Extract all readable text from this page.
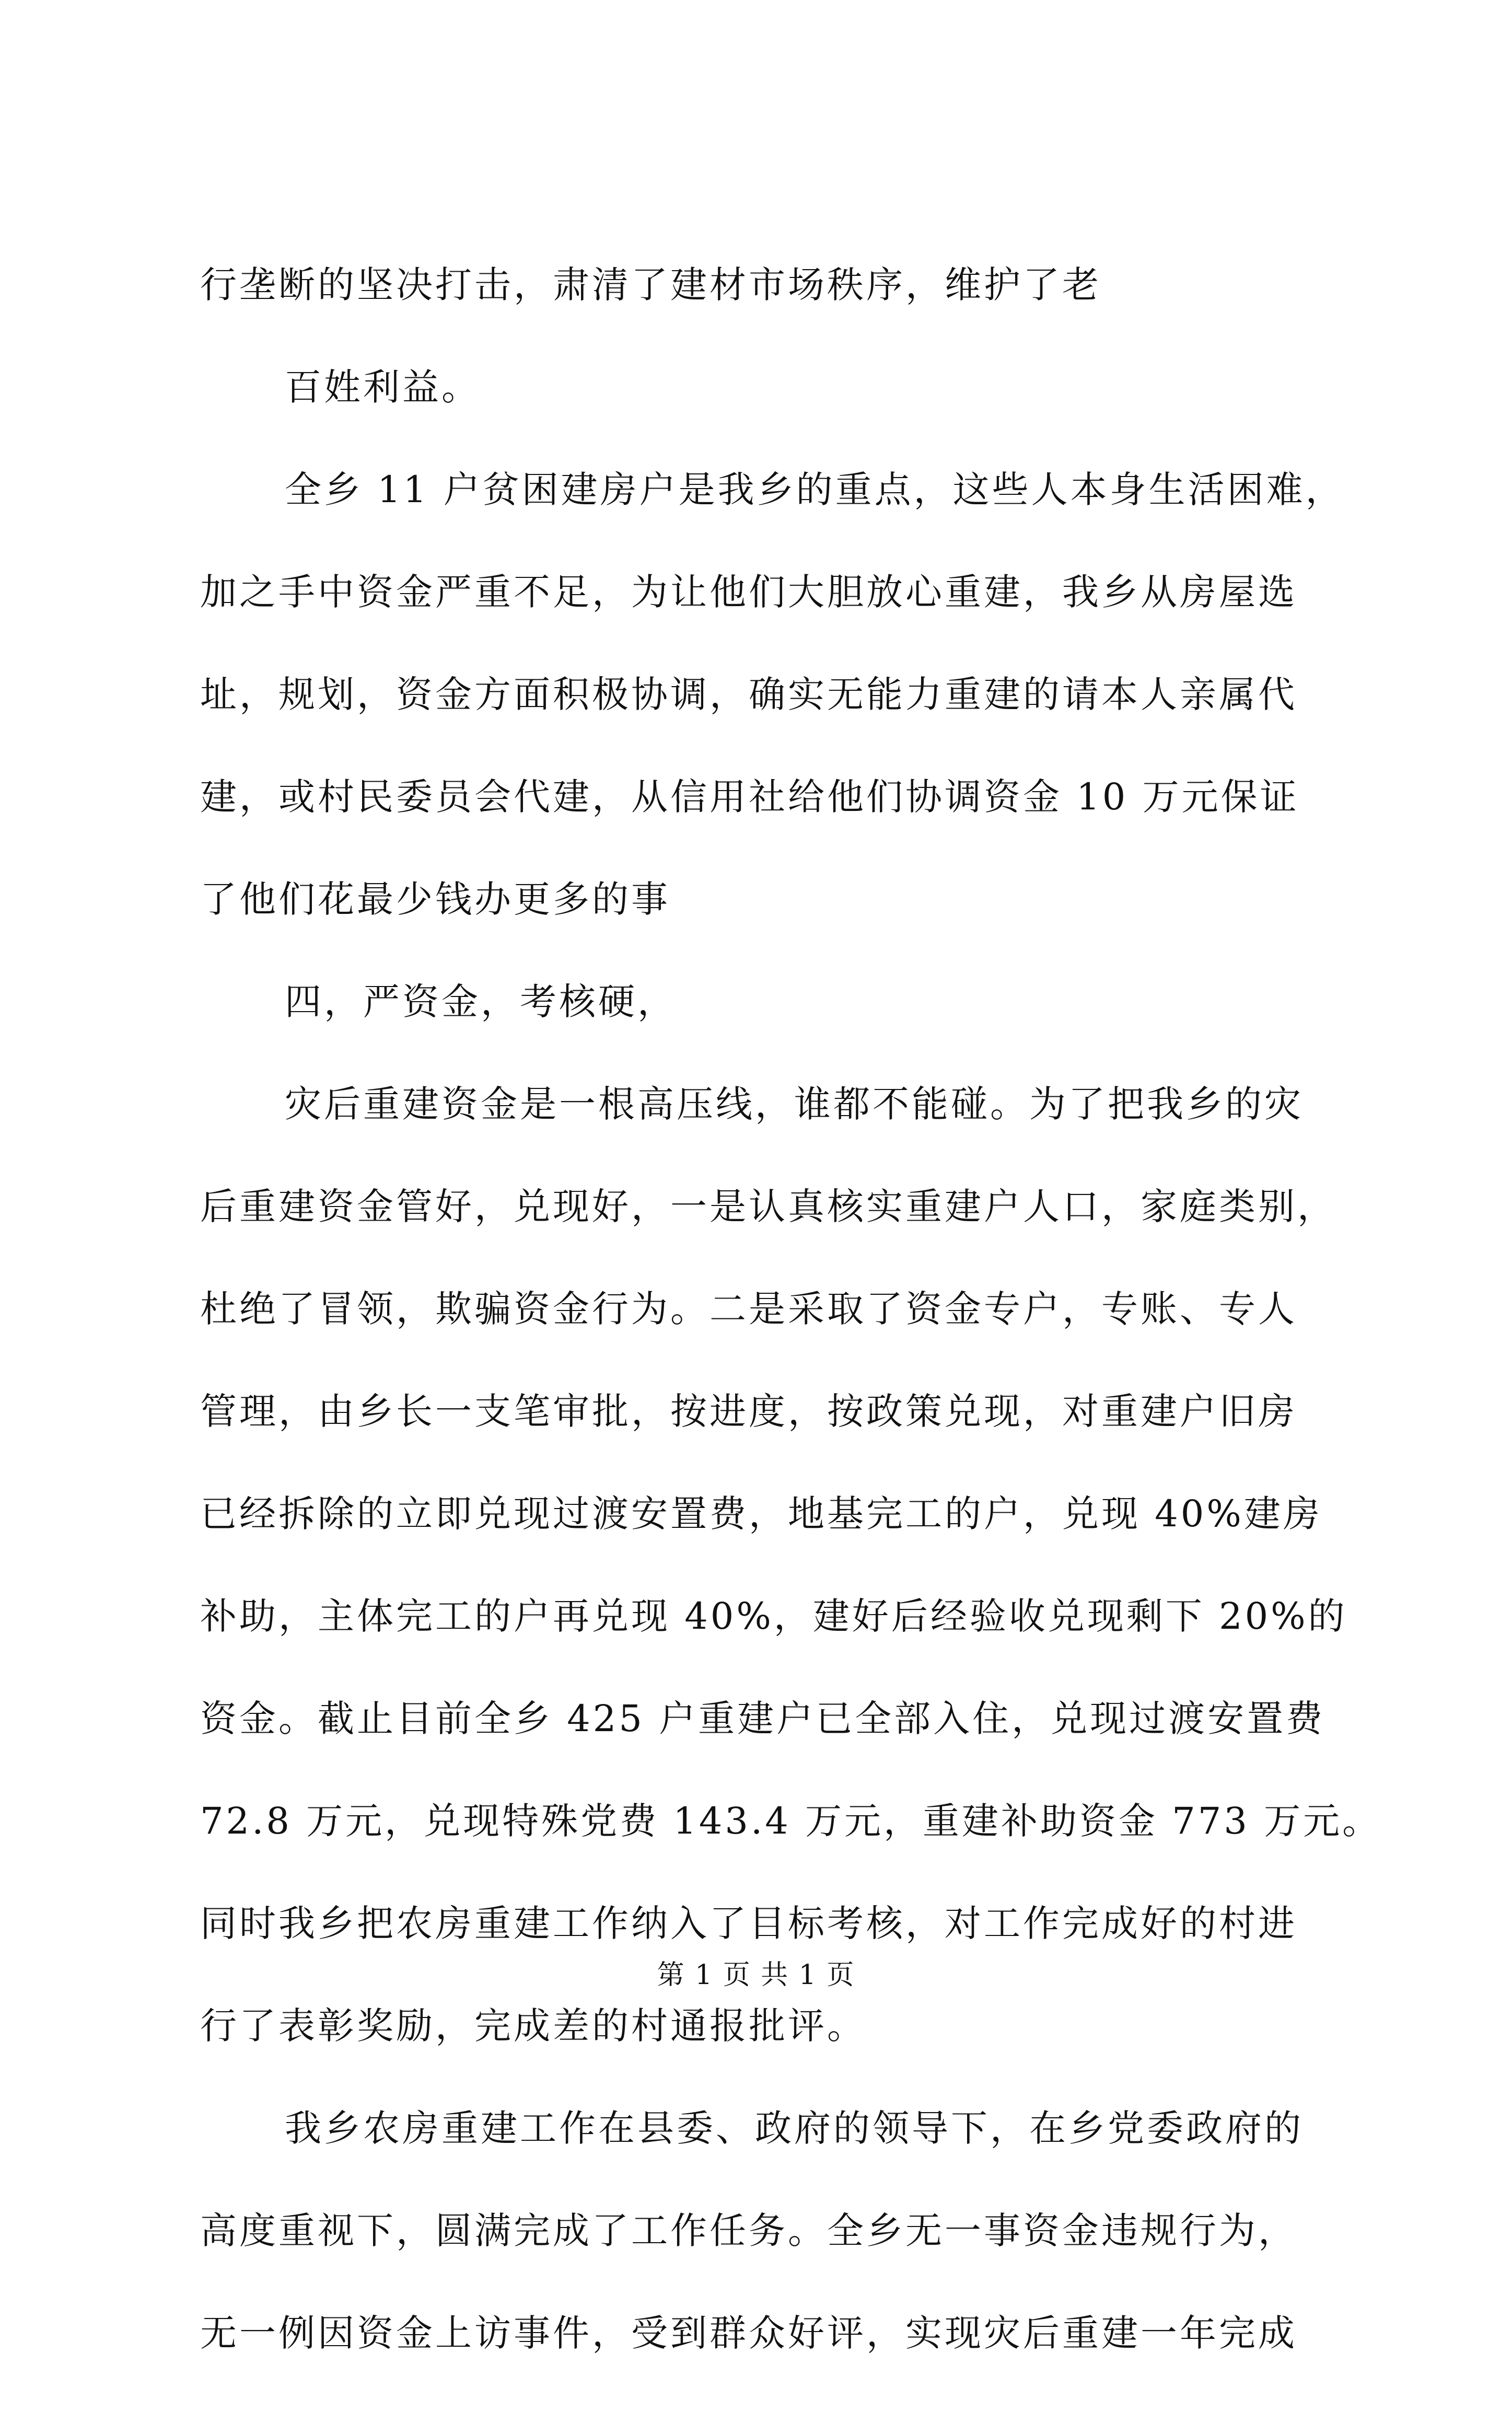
行垄断的坚决打击，肃清了建材市场秩序，维护了老
百姓利益。
全乡 11 户贫困建房户是我乡的重点，这些人本身生活困难，
加之手中资金严重不足，为让他们大胆放心重建，我乡从房屋选
址，规划，资金方面积极协调，确实无能力重建的请本人亲属代
建，或村民委员会代建，从信用社给他们协调资金 10 万元保证
了他们花最少钱办更多的事
四，严资金，考核硬，
灾后重建资金是一根高压线，谁都不能碰。为了把我乡的灾
后重建资金管好，兑现好，一是认真核实重建户人口，家庭类别，
杜绝了冒领，欺骗资金行为。二是采取了资金专户，专账、专人
管理，由乡长一支笔审批，按进度，按政策兑现，对重建户旧房
已经拆除的立即兑现过渡安置费，地基完工的户，兑现 40%建房
补助，主体完工的户再兑现 40%，建好后经验收兑现剩下 20%的
资金。截止目前全乡 425 户重建户已全部入住，兑现过渡安置费
72.8 万元，兑现特殊党费 143.4 万元，重建补助资金 773 万元。
同时我乡把农房重建工作纳入了目标考核，对工作完成好的村进
行了表彰奖励，完成差的村通报批评。
我乡农房重建工作在县委、政府的领导下，在乡党委政府的
高度重视下，圆满完成了工作任务。全乡无一事资金违规行为，
无一例因资金上访事件，受到群众好评，实现灾后重建一年完成
第 1 页 共 1 页
